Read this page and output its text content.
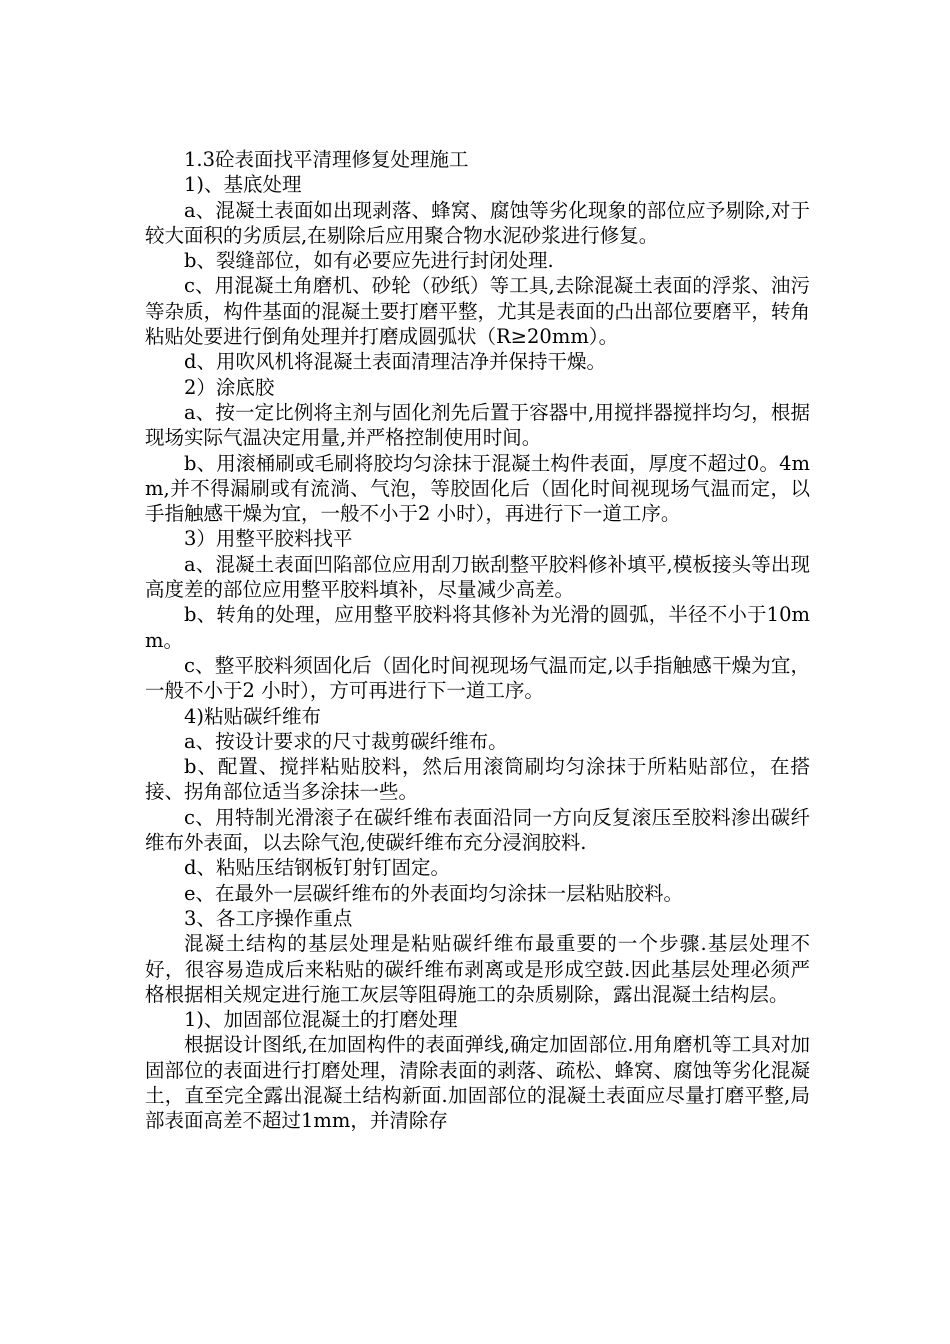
1.3砼表面找平清理修复处理施工

1)、基底处理

a、混凝土表面如出现剥落、蜂窝、腐蚀等劣化现象的部位应予剔除,对于较大面积的劣质层,在剔除后应用聚合物水泥砂浆进行修复。

b、裂缝部位，如有必要应先进行封闭处理.

c、用混凝土角磨机、砂轮（砂纸）等工具,去除混凝土表面的浮浆、油污等杂质，构件基面的混凝土要打磨平整，尤其是表面的凸出部位要磨平，转角粘贴处要进行倒角处理并打磨成圆弧状（R≥20mm）。

d、用吹风机将混凝土表面清理洁净并保持干燥。

2）涂底胶

a、按一定比例将主剂与固化剂先后置于容器中,用搅拌器搅拌均匀，根据现场实际气温决定用量,并严格控制使用时间。

b、用滚桶刷或毛刷将胶均匀涂抹于混凝土构件表面，厚度不超过0。4mm,并不得漏刷或有流淌、气泡，等胶固化后（固化时间视现场气温而定，以手指触感干燥为宜，一般不小于2 小时），再进行下一道工序。

3）用整平胶料找平

a、混凝土表面凹陷部位应用刮刀嵌刮整平胶料修补填平,模板接头等出现高度差的部位应用整平胶料填补，尽量减少高差。

b、转角的处理，应用整平胶料将其修补为光滑的圆弧，半径不小于10mm。

c、整平胶料须固化后（固化时间视现场气温而定,以手指触感干燥为宜，一般不小于2 小时），方可再进行下一道工序。

4)粘贴碳纤维布

a、按设计要求的尺寸裁剪碳纤维布。

b、配置、搅拌粘贴胶料，然后用滚筒刷均匀涂抹于所粘贴部位，在搭接、拐角部位适当多涂抹一些。

c、用特制光滑滚子在碳纤维布表面沿同一方向反复滚压至胶料渗出碳纤维布外表面，以去除气泡,使碳纤维布充分浸润胶料.

d、粘贴压结钢板钉射钉固定。

e、在最外一层碳纤维布的外表面均匀涂抹一层粘贴胶料。

3、各工序操作重点

混凝土结构的基层处理是粘贴碳纤维布最重要的一个步骤.基层处理不好，很容易造成后来粘贴的碳纤维布剥离或是形成空鼓.因此基层处理必须严格根据相关规定进行施工灰层等阻碍施工的杂质剔除，露出混凝土结构层。

1)、加固部位混凝土的打磨处理

根据设计图纸,在加固构件的表面弹线,确定加固部位.用角磨机等工具对加固部位的表面进行打磨处理，清除表面的剥落、疏松、蜂窝、腐蚀等劣化混凝土，直至完全露出混凝土结构新面.加固部位的混凝土表面应尽量打磨平整,局部表面高差不超过1mm，并清除存
